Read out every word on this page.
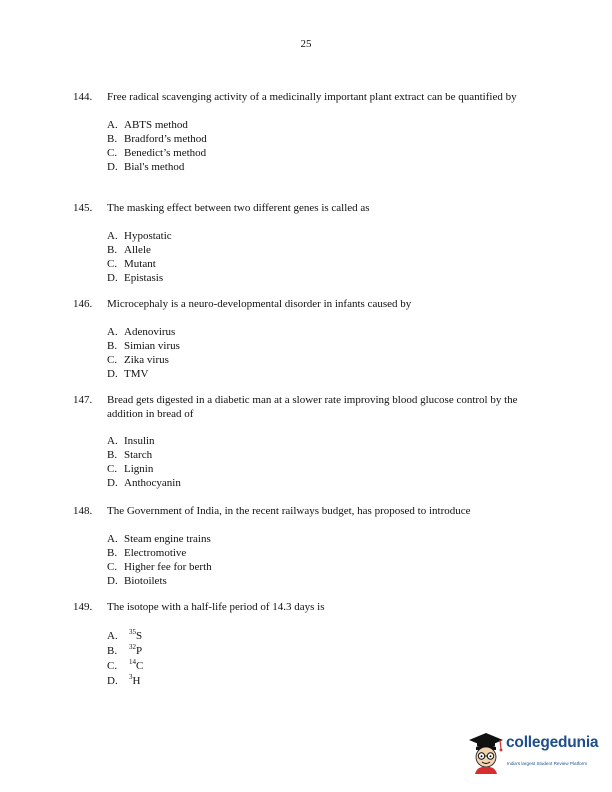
25
144.	Free radical scavenging activity of a medicinally important plant extract can be quantified by
A. ABTS method
B. Bradford’s method
C. Benedict’s method
D. Bial's method
145.	The masking effect between two different genes is called as
A. Hypostatic
B. Allele
C. Mutant
D. Epistasis
146.	Microcephaly is a neuro-developmental disorder in infants caused by
A. Adenovirus
B. Simian virus
C. Zika virus
D. TMV
147.	Bread gets digested in a diabetic man at a slower rate improving blood glucose control by the addition in bread of
A. Insulin
B. Starch
C. Lignin
D. Anthocyanin
148.	The Government of India, in the recent railways budget, has proposed to introduce
A. Steam engine trains
B. Electromotive
C. Higher fee for berth
D. Biotoilets
149.	The isotope with a half-life period of 14.3 days is
A. $^{35}$S
B. $^{32}$P
C. $^{14}$C
D. $^3$H
collegedunia
India's largest Student Review Platform
